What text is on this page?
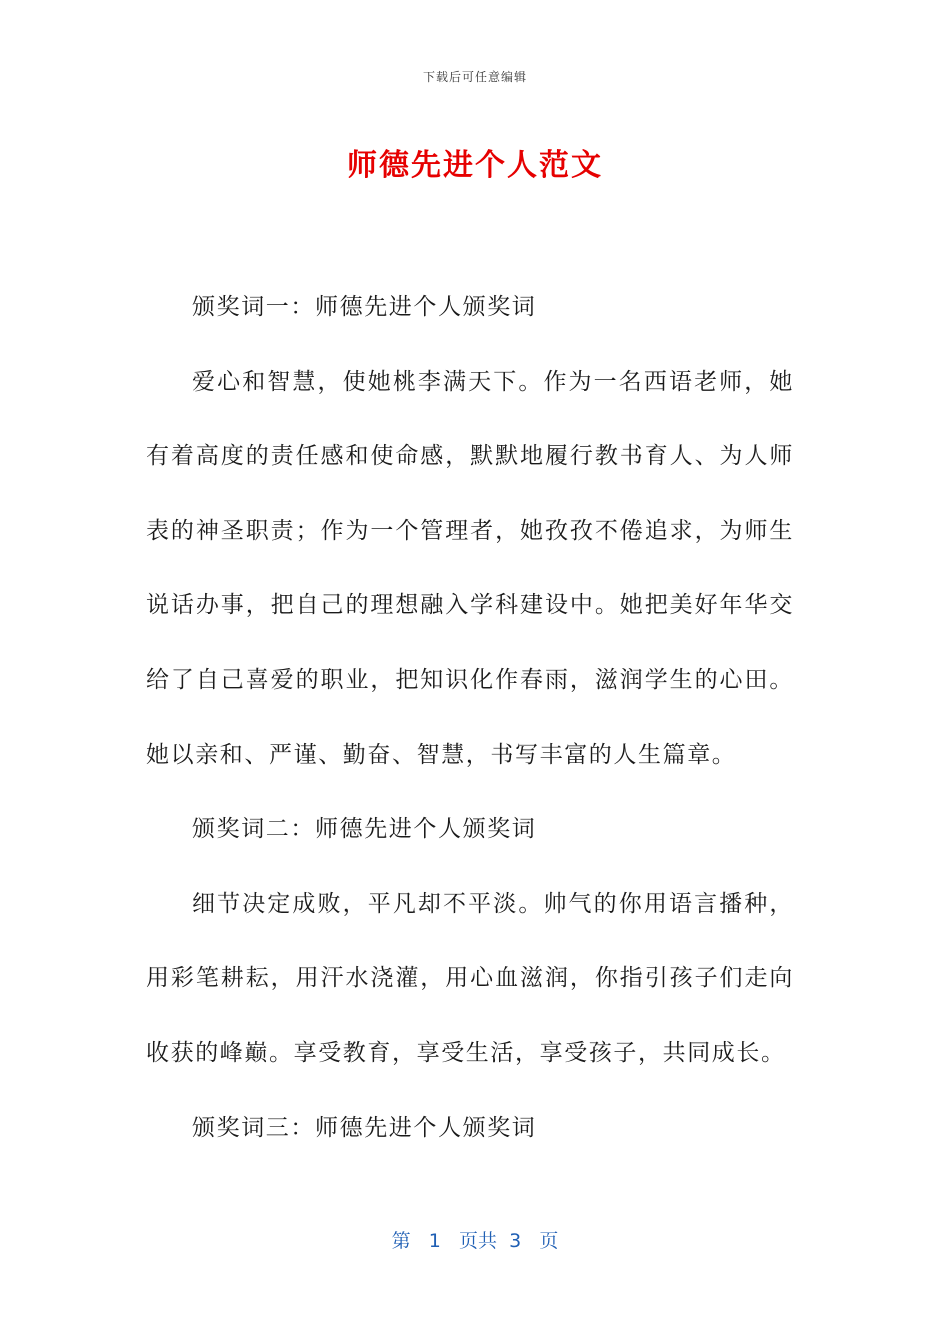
下载后可任意编辑
师德先进个人范文

颁奖词一：师德先进个人颁奖词

爱心和智慧，使她桃李满天下。作为一名西语老师，她有着高度的责任感和使命感，默默地履行教书育人、为人师表的神圣职责；作为一个管理者，她孜孜不倦追求，为师生说话办事，把自己的理想融入学科建设中。她把美好年华交给了自己喜爱的职业，把知识化作春雨，滋润学生的心田。她以亲和、严谨、勤奋、智慧，书写丰富的人生篇章。

颁奖词二：师德先进个人颁奖词

细节决定成败，平凡却不平淡。帅气的你用语言播种，用彩笔耕耘，用汗水浇灌，用心血滋润，你指引孩子们走向收获的峰巅。享受教育，享受生活，享受孩子，共同成长。

颁奖词三：师德先进个人颁奖词

第 1 页共 3 页
